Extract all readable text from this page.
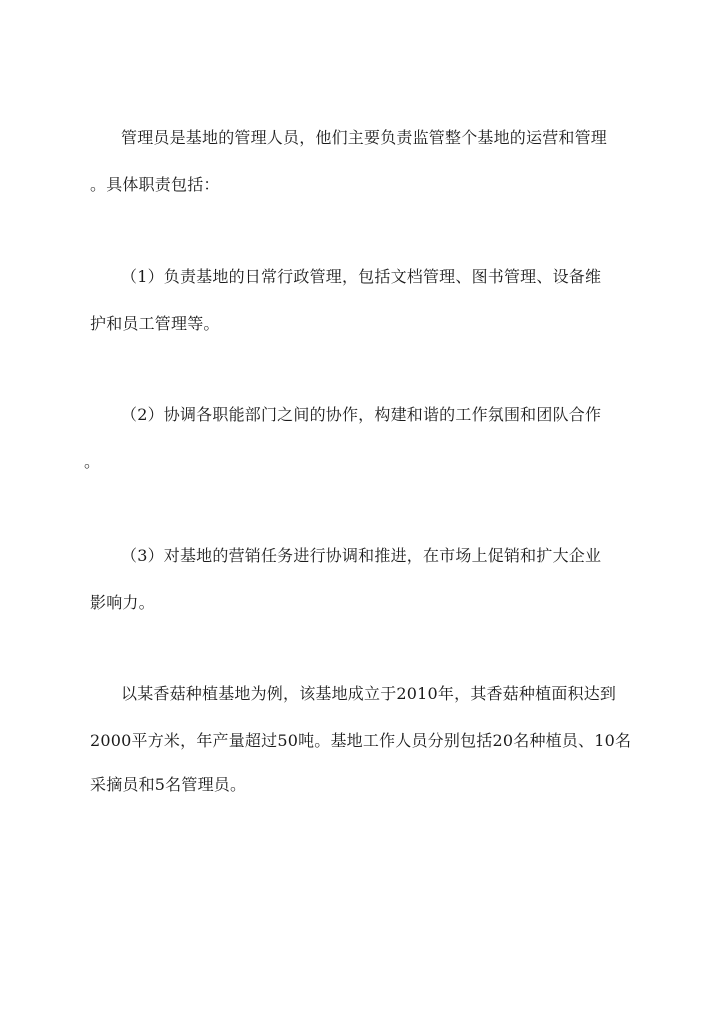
管理员是基地的管理人员，他们主要负责监管整个基地的运营和管理
。具体职责包括：
（1）负责基地的日常行政管理，包括文档管理、图书管理、设备维
护和员工管理等。
（2）协调各职能部门之间的协作，构建和谐的工作氛围和团队合作
。
（3）对基地的营销任务进行协调和推进，在市场上促销和扩大企业
影响力。
以某香菇种植基地为例，该基地成立于2010年，其香菇种植面积达到
2000平方米，年产量超过50吨。基地工作人员分别包括20名种植员、10名
采摘员和5名管理员。
